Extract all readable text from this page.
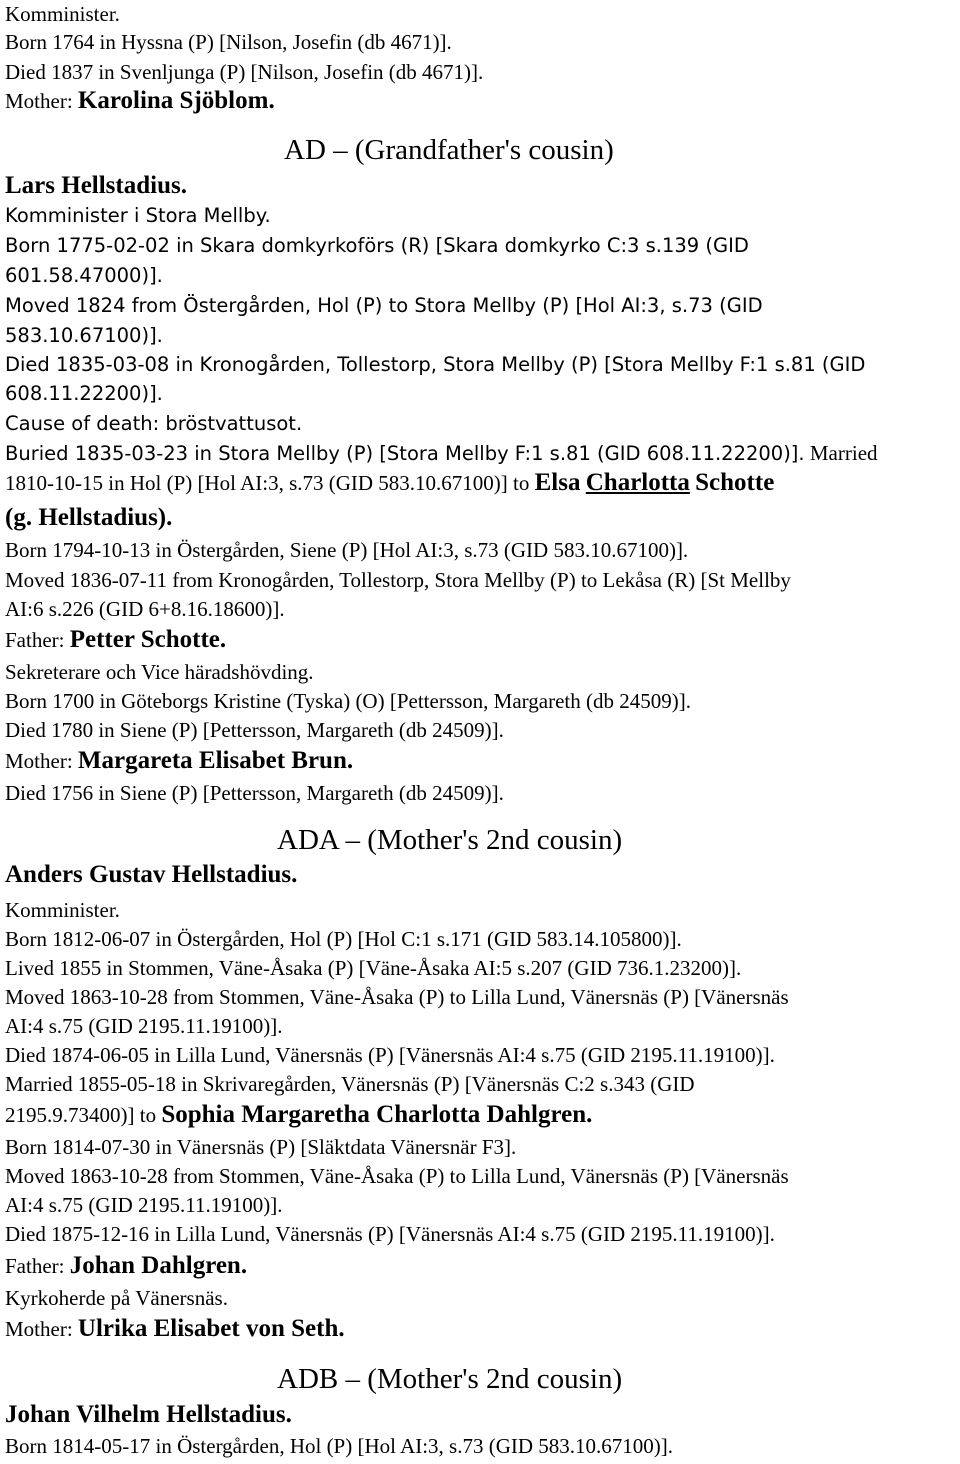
Komminister.
Born 1764 in Hyssna (P) [Nilson, Josefin (db 4671)].
Died 1837 in Svenljunga (P) [Nilson, Josefin (db 4671)].
Mother: Karolina Sjöblom.
AD – (Grandfather's cousin)
Lars Hellstadius.
Komminister i Stora Mellby.
Born 1775-02-02 in Skara domkyrkoförs (R) [Skara domkyrko C:3 s.139 (GID
601.58.47000)].
Moved 1824 from Östergården, Hol (P) to Stora Mellby (P) [Hol AI:3, s.73 (GID
583.10.67100)].
Died 1835-03-08 in Kronogården, Tollestorp, Stora Mellby (P) [Stora Mellby F:1 s.81 (GID
608.11.22200)].
Cause of death: bröstvattusot.
Buried 1835-03-23 in Stora Mellby (P) [Stora Mellby F:1 s.81 (GID 608.11.22200)]. Married
1810-10-15 in Hol (P) [Hol AI:3, s.73 (GID 583.10.67100)] to Elsa Charlotta Schotte
(g. Hellstadius).
Born 1794-10-13 in Östergården, Siene (P) [Hol AI:3, s.73 (GID 583.10.67100)].
Moved 1836-07-11 from Kronogården, Tollestorp, Stora Mellby (P) to Lekåsa (R) [St Mellby
AI:6 s.226 (GID 6+8.16.18600)].
Father: Petter Schotte.
Sekreterare och Vice häradshövding.
Born 1700 in Göteborgs Kristine (Tyska) (O) [Pettersson, Margareth (db 24509)].
Died 1780 in Siene (P) [Pettersson, Margareth (db 24509)].
Mother: Margareta Elisabet Brun.
Died 1756 in Siene (P) [Pettersson, Margareth (db 24509)].
ADA – (Mother's 2nd cousin)
Anders Gustav Hellstadius.
Komminister.
Born 1812-06-07 in Östergården, Hol (P) [Hol C:1 s.171 (GID 583.14.105800)].
Lived 1855 in Stommen, Väne-Åsaka (P) [Väne-Åsaka AI:5 s.207 (GID 736.1.23200)].
Moved 1863-10-28 from Stommen, Väne-Åsaka (P) to Lilla Lund, Vänersnäs (P) [Vänersnäs
AI:4 s.75 (GID 2195.11.19100)].
Died 1874-06-05 in Lilla Lund, Vänersnäs (P) [Vänersnäs AI:4 s.75 (GID 2195.11.19100)].
Married 1855-05-18 in Skrivaregården, Vänersnäs (P) [Vänersnäs C:2 s.343 (GID
2195.9.73400)] to Sophia Margaretha Charlotta Dahlgren.
Born 1814-07-30 in Vänersnäs (P) [Släktdata Vänersnär F3].
Moved 1863-10-28 from Stommen, Väne-Åsaka (P) to Lilla Lund, Vänersnäs (P) [Vänersnäs
AI:4 s.75 (GID 2195.11.19100)].
Died 1875-12-16 in Lilla Lund, Vänersnäs (P) [Vänersnäs AI:4 s.75 (GID 2195.11.19100)].
Father: Johan Dahlgren.
Kyrkoherde på Vänersnäs.
Mother: Ulrika Elisabet von Seth.
ADB – (Mother's 2nd cousin)
Johan Vilhelm Hellstadius.
Born 1814-05-17 in Östergården, Hol (P) [Hol AI:3, s.73 (GID 583.10.67100)].
